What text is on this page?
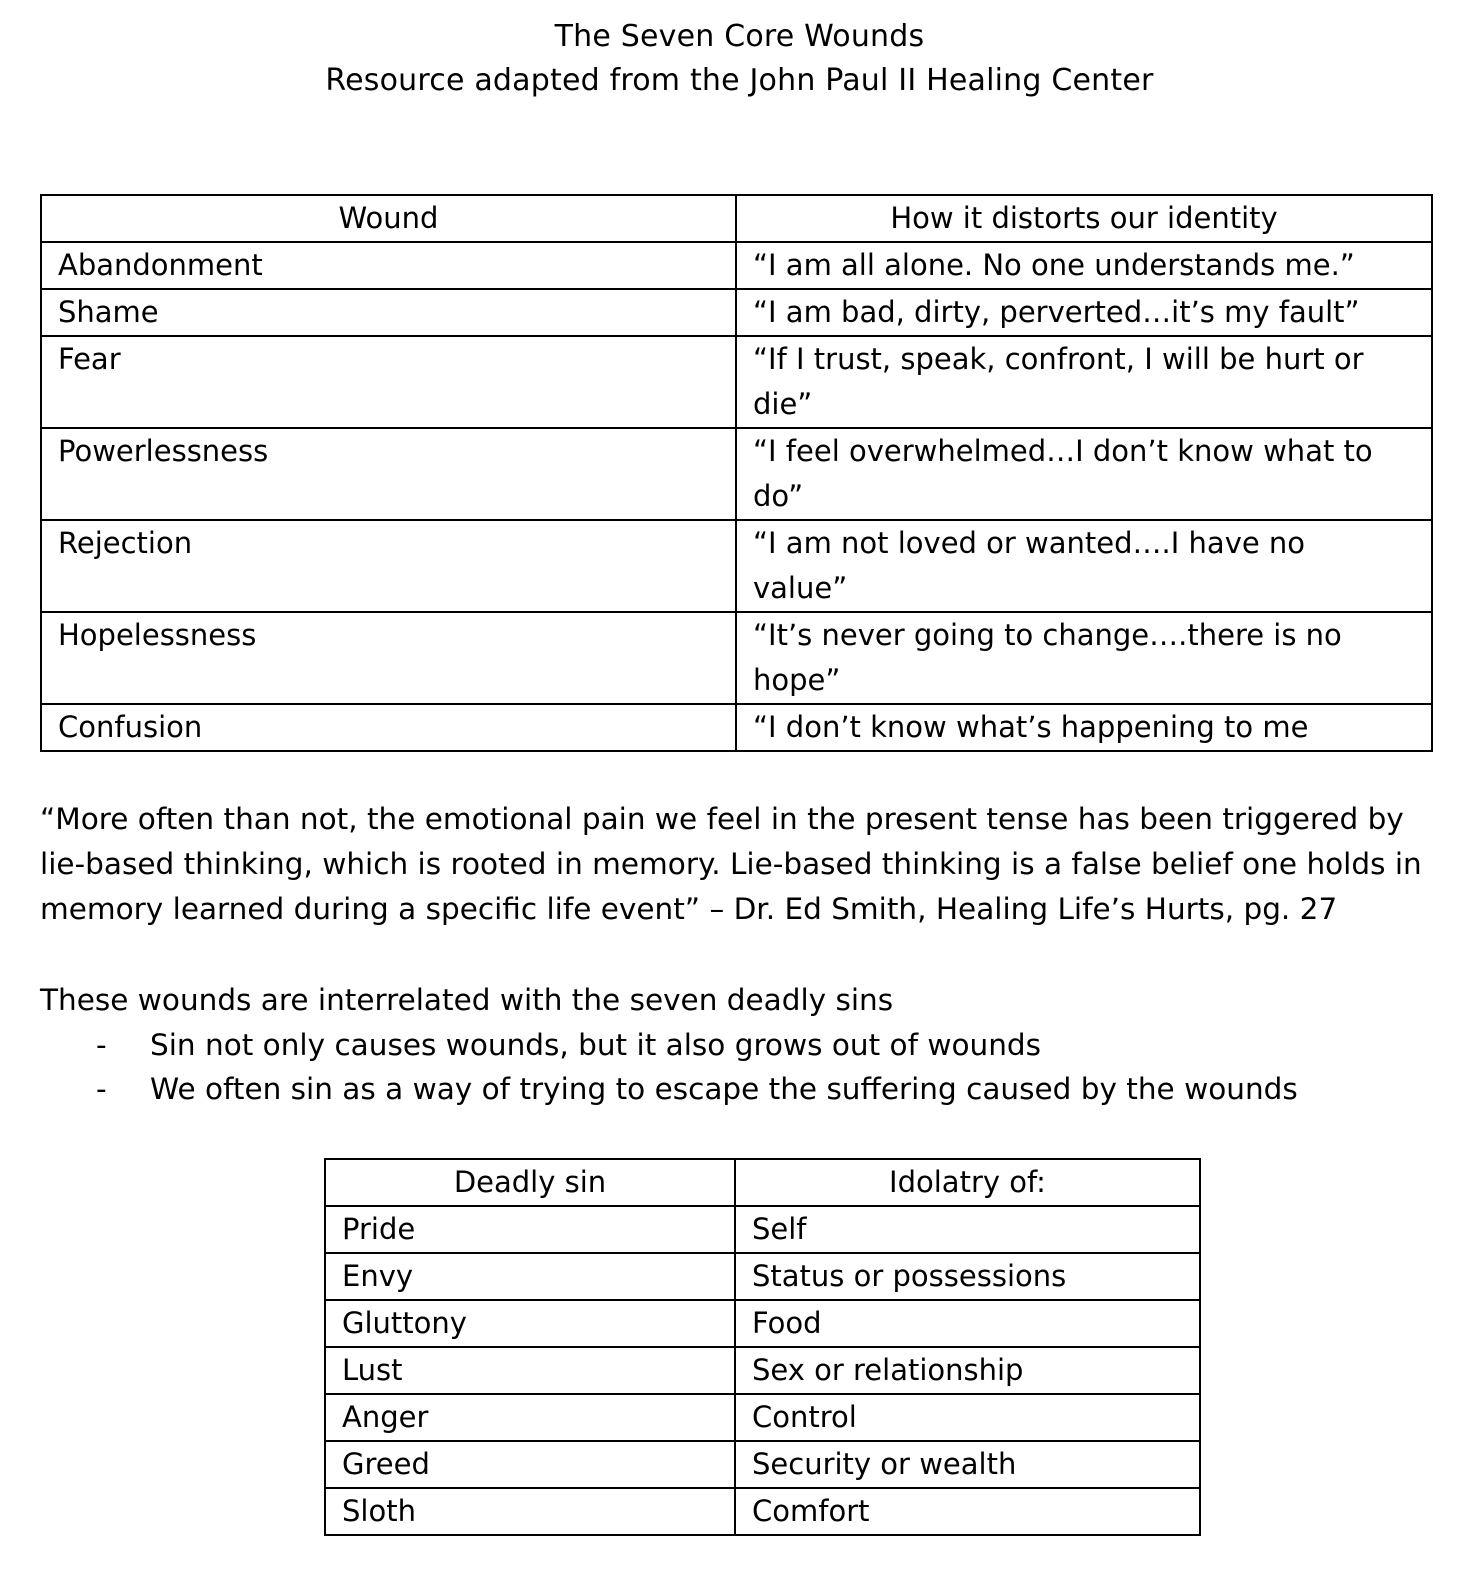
The Seven Core Wounds
Resource adapted from the John Paul II Healing Center
Wound	How it distorts our identity
Abandonment	“I am all alone. No one understands me.”
Shame	“I am bad, dirty, perverted…it’s my fault”
Fear	“If I trust, speak, confront, I will be hurt or die”
Powerlessness	“I feel overwhelmed…I don’t know what to do”
Rejection	“I am not loved or wanted….I have no value”
Hopelessness	“It’s never going to change….there is no hope”
Confusion	“I don’t know what’s happening to me

“More often than not, the emotional pain we feel in the present tense has been triggered by lie-based thinking, which is rooted in memory. Lie-based thinking is a false belief one holds in memory learned during a specific life event” – Dr. Ed Smith, Healing Life’s Hurts, pg. 27

These wounds are interrelated with the seven deadly sins

- Sin not only causes wounds, but it also grows out of wounds
- We often sin as a way of trying to escape the suffering caused by the wounds
Deadly sin	Idolatry of:
Pride	Self
Envy	Status or possessions
Gluttony	Food
Lust	Sex or relationship
Anger	Control
Greed	Security or wealth
Sloth	Comfort
